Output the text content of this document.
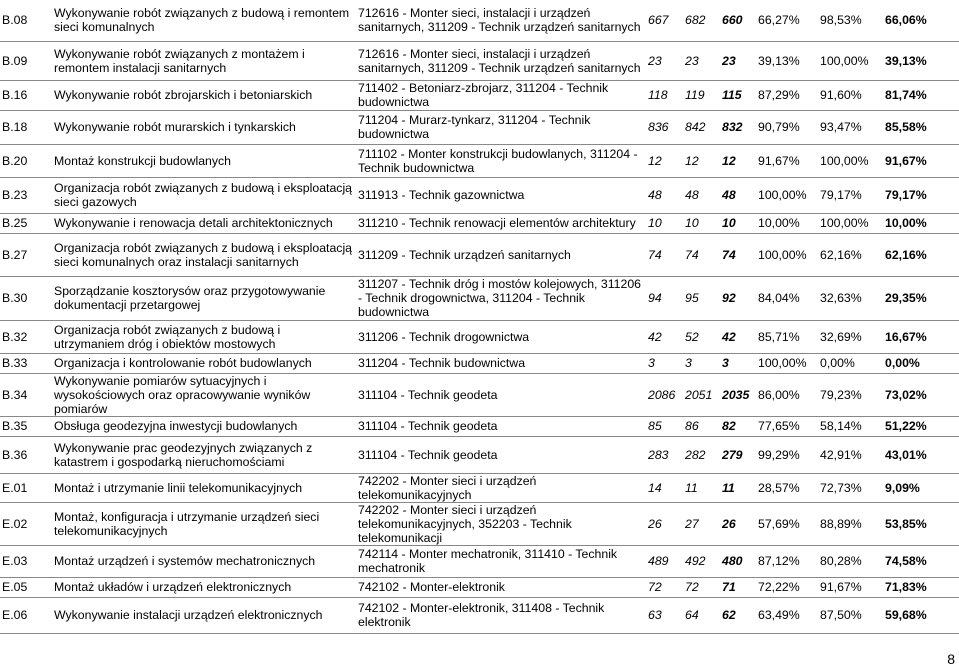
B.08	Wykonywanie robót związanych z budową i remontem sieci komunalnych	712616 - Monter sieci, instalacji i urządzeń sanitarnych, 311209 - Technik urządzeń sanitarnych	667	682	660	66,27%	98,53%	66,06%
B.09	Wykonywanie robót związanych z montażem i remontem instalacji sanitarnych	712616 - Monter sieci, instalacji i urządzeń sanitarnych, 311209 - Technik urządzeń sanitarnych	23	23	23	39,13%	100,00%	39,13%
B.16	Wykonywanie robót zbrojarskich i betoniarskich	711402 - Betoniarz-zbrojarz, 311204 - Technik budownictwa	118	119	115	87,29%	91,60%	81,74%
B.18	Wykonywanie robót murarskich i tynkarskich	711204 - Murarz-tynkarz, 311204 - Technik budownictwa	836	842	832	90,79%	93,47%	85,58%
B.20	Montaż konstrukcji budowlanych	711102 - Monter konstrukcji budowlanych, 311204 - Technik budownictwa	12	12	12	91,67%	100,00%	91,67%
B.23	Organizacja robót związanych z budową i eksploatacją sieci gazowych	311913 - Technik gazownictwa	48	48	48	100,00%	79,17%	79,17%
B.25	Wykonywanie i renowacja detali architektonicznych	311210 - Technik renowacji elementów architektury	10	10	10	10,00%	100,00%	10,00%
B.27	Organizacja robót związanych z budową i eksploatacją sieci komunalnych oraz instalacji sanitarnych	311209 - Technik urządzeń sanitarnych	74	74	74	100,00%	62,16%	62,16%
B.30	Sporządzanie kosztorysów oraz przygotowywanie dokumentacji przetargowej	311207 - Technik dróg i mostów kolejowych, 311206 - Technik drogownictwa, 311204 - Technik budownictwa	94	95	92	84,04%	32,63%	29,35%
B.32	Organizacja robót związanych z budową i utrzymaniem dróg i obiektów mostowych	311206 - Technik drogownictwa	42	52	42	85,71%	32,69%	16,67%
B.33	Organizacja i kontrolowanie robót budowlanych	311204 - Technik budownictwa	3	3	3	100,00%	0,00%	0,00%
B.34	Wykonywanie pomiarów sytuacyjnych i wysokościowych oraz opracowywanie wyników pomiarów	311104 - Technik geodeta	2086	2051	2035	86,00%	79,23%	73,02%
B.35	Obsługa geodezyjna inwestycji budowlanych	311104 - Technik geodeta	85	86	82	77,65%	58,14%	51,22%
B.36	Wykonywanie prac geodezyjnych związanych z katastrem i gospodarką nieruchomościami	311104 - Technik geodeta	283	282	279	99,29%	42,91%	43,01%
E.01	Montaż i utrzymanie linii telekomunikacyjnych	742202 - Monter sieci i urządzeń telekomunikacyjnych	14	11	11	28,57%	72,73%	9,09%
E.02	Montaż, konfiguracja i utrzymanie urządzeń sieci telekomunikacyjnych	742202 - Monter sieci i urządzeń telekomunikacyjnych, 352203 - Technik telekomunikacji	26	27	26	57,69%	88,89%	53,85%
E.03	Montaż urządzeń i systemów mechatronicznych	742114 - Monter mechatronik, 311410 - Technik mechatronik	489	492	480	87,12%	80,28%	74,58%
E.05	Montaż układów i urządzeń elektronicznych	742102 - Monter-elektronik	72	72	71	72,22%	91,67%	71,83%
E.06	Wykonywanie instalacji urządzeń elektronicznych	742102 - Monter-elektronik, 311408 - Technik elektronik	63	64	62	63,49%	87,50%	59,68%
8
